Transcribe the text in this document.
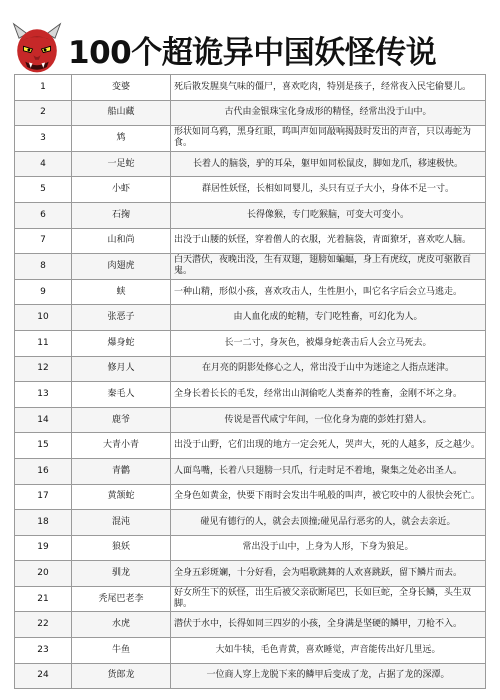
100个超诡异中国妖怪传说
1	变婆	死后散发腥臭气味的僵尸，喜欢吃肉，特别是孩子，经常夜入民宅偷婴儿。
2	船山藏	古代由金银珠宝化身成形的精怪，经常出没于山中。
3	鸩	形状如同乌鸦，黑身红眼，鸣叫声如同敲响揭鼓时发出的声音，只以毒蛇为食。
4	一足蛇	长着人的脑袋，驴的耳朵，躯甲如同松鼠皮，脚如龙爪，移速极快。
5	小虾	群居性妖怪，长相如同婴儿，头只有豆子大小，身体不足一寸。
6	石掬	长得像猴，专门吃猴脑，可变大可变小。
7	山和尚	出没于山腰的妖怪，穿着僧人的衣服，光着脑袋，青面獠牙，喜欢吃人脑。
8	肉翅虎	白天潜伏，夜晚出没，生有双翅，翅膀如蝙蝠，身上有虎纹，虎皮可驱散百鬼。
9	蛱	一种山精，形似小孩，喜欢攻击人，生性胆小，叫它名字后会立马逃走。
10	张恶子	由人血化成的蛇精，专门吃牲畜，可幻化为人。
11	爆身蛇	长一二寸，身灰色，被爆身蛇袭击后人会立马死去。
12	修月人	在月亮的阴影处修心之人，常出没于山中为迷途之人指点迷津。
13	秦毛人	全身长着长长的毛发，经常出山洞偷吃人类畜养的牲畜，金刚不坏之身。
14	鹿爷	传说是晋代咸宁年间，一位化身为鹿的彭姓打猎人。
15	大青小青	出没于山野，它们出现的地方一定会死人，哭声大，死的人越多，反之越少。
16	青鹳	人面鸟嘴，长着八只翅膀一只爪，行走时足不着地，聚集之处必出圣人。
17	黄颔蛇	全身色如黄金，快要下雨时会发出牛吼般的叫声，被它咬中的人很快会死亡。
18	混沌	碰见有德行的人，就会去顶撞;碰见品行恶劣的人，就会去亲近。
19	狼妖	常出没于山中，上身为人形，下身为狼足。
20	驯龙	全身五彩斑斓，十分好看，会为唱歌跳舞的人欢喜跳跃，留下鳞片而去。
21	秃尾巴老李	好女所生下的妖怪，出生后被父亲砍断尾巴，长如巨蛇，全身长鳞，头生双脚。
22	水虎	潜伏于水中，长得如同三四岁的小孩，全身满是坚硬的鳞甲，刀枪不入。
23	牛鱼	大如牛犊，毛色青黄，喜欢睡觉，声音能传出好几里远。
24	货郎龙	一位商人穿上龙脱下来的鳞甲后变成了龙，占据了龙的深潭。
